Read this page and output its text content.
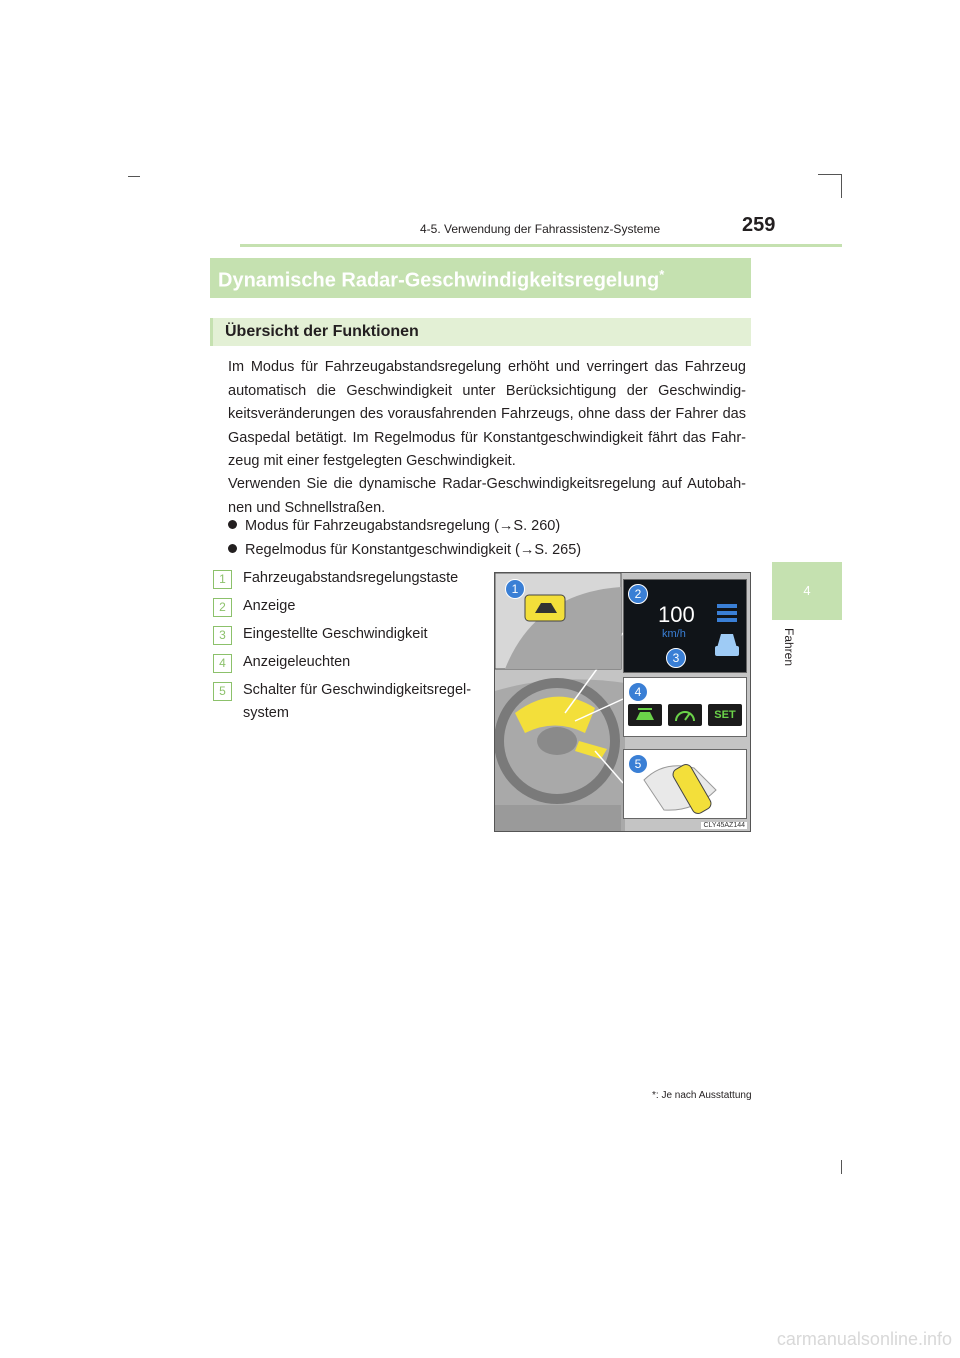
4-5. Verwendung der Fahrassistenz-Systeme	259
4
Fahren
Dynamische Radar-Geschwindigkeitsregelung*
Übersicht der Funktionen

Im Modus für Fahrzeugabstandsregelung erhöht und verringert das Fahrzeug automatisch die Geschwindigkeit unter Berücksichtigung der Geschwindig-keitsveränderungen des vorausfahrenden Fahrzeugs, ohne dass der Fahrer das Gaspedal betätigt. Im Regelmodus für Konstantgeschwindigkeit fährt das Fahr-zeug mit einer festgelegten Geschwindigkeit.

Verwenden Sie die dynamische Radar-Geschwindigkeitsregelung auf Autobah-nen und Schnellstraßen.

Modus für Fahrzeugabstandsregelung (→S. 260)
Regelmodus für Konstantgeschwindigkeit (→S. 265)
1	Fahrzeugabstandsregelungstaste
2	Anzeige
3	Eingestellte Geschwindigkeit
4	Anzeigeleuchten
5	Schalter für Geschwindigkeitsregel-system
1
100
km/h
2
3
4
SET
5
CLY45AZ144
*: Je nach Ausstattung
carmanualsonline.info
